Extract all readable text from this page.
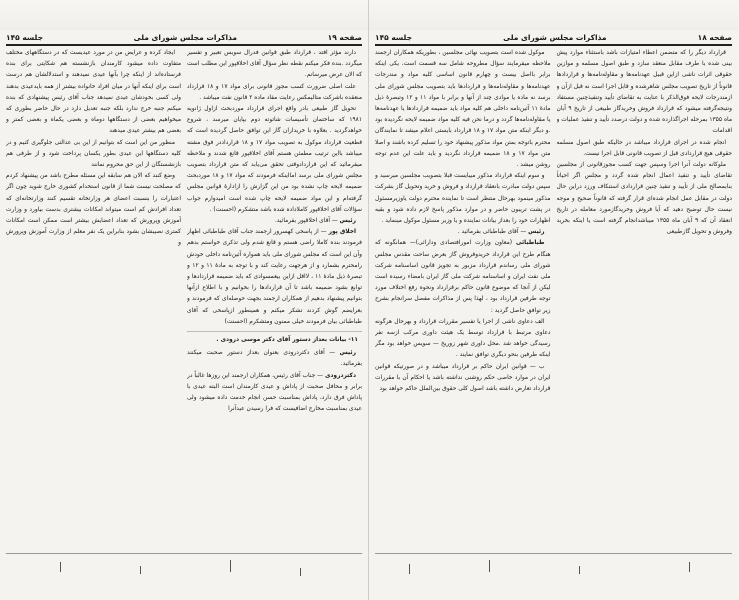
صفحه ۱۹
مذاکرات مجلس شورای ملی
جلسه ۱۴۵

دارند مؤثر افتد ، قرارداد طبق قوانین فدرال سویس تعبیر و تفسیر میگردد .بنده فکر میکنم نقطه نظر سؤال آقای اخلاقپور این مطلب است که الان عرض میرسانم.

علت اصلی ضرورت کسب مجوز قانونی برای مواد ۱۷ و ۱۸ قرارداد منعقده باشرکت متالیمکس رعایت مفاد ماده ۲ قانون نفت میباشد .

تحویل گاز طبیعی بادر واقع اجرای قرارداد موردبحث ازاول ژانویه ۱۹۸۱ که ساختمان تأسیسات شاتوته دوم بپایان میرسد ، شروع خواهدگردید . بعلاوه با خریداران گاز این توافق حاصل گردیده است که قطعیت قرارداد موکول به تصویب مواد ۱۷ و ۱۸ قرارداددر فوق مشته میباشد بااین ترتیب مطمئن هستم آقای اخلاقپور قانع شدند و ملاحظه میفرمائید که این قراردادوقتی تحقق می‌یابد که متن قرارداد بتصویب مجلس شورای ملی برسد امااینکه فرمودند که مواد ۱۷ و ۱۸ موردبحث ضمیمه لایحه چاپ نشده بود من این گزارش را ازادارهٔ قوانین مجلس گرفته‌ام و این مواد ضمیمه لایحه چاپ شده است امیدوارم جواب سؤالات آقای اخلاقپور کاملاداده شده باشد متشکرم (احسنت) .

رئیس — آقای اخلاقپور بفرمائید.

اخلاق پور — از پاسخی کهسرور ارجمند جناب آقای طباطبائی اظهار فرمودند بنده کاملا راضی هستم و قانع شدم ولی تذکری خواستم بدهم وآن این است که مجلس شورای ملی باید همواره آئین‌نامه داخلی خودش رامحترم بشمارد و از هرجهت رعایت کند و با توجه به مادهٔ ۱۱ و ۱۲ و تبصرهٔ ذیل مادهٔ ۱۱ ، لااقل ازاین بیعمسوادی که باید ضمیمه قراردادها و توابع بشود ضمیمه باشد تا آن قراردادها را بخوانیم و با اطلاع ازآنها بتوانیم پیشنهاد بدهیم از همکاران ارجمند بجهت حوصله‌ای که فرمودند و بعرایضم گوش کردند تشکر میکنم و همینطور ازپاسخی که آقای طباطبائی بیان فرمودند خیلی ممنون ومتشکرم (احسنت)

۱۱- بیانات بعداز دستور آقای دکتر موسی درودی .

رئیس — آقای دکتردرودی بعنوان بعداز دستور صحبت میکنند بفرمائید.

دکتردرودی — جناب آقای رئیس، همکاران ارجمند این روزها غالباً در برابر و محافل صحبت از پاداش و عیدی کارمندان است البته عیدی با پاداش فرق دارد، پاداش بمناسبت حسن انجام خدمت داده میشود ولی عیدی بمناسبت مخارج اضافیست که فرا رسیدن عیدآنرا

ایجاد کرده و عرایض من در مورد عیدیست که در دستگاههای مختلف متفاوت داده میشود کارمندان بازنشسته هم شکایتی برای بنده فرستاده‌اند از اینکه چرا بآنها عیدی نمیدهند و استدلالشان هم درست است برای اینکه آنها در میان افراد خانواده بیشتر از همه بایدعیدی بدهند ولی کسی بخودشان عیدی نمیدهد جناب آقای رئیس پیشنهادی که بنده میکنم جنبه خرج ندارد بلکه جنبه تعدیل دارد در حال حاضر بطوری که میخواهیم بعضی از دستگاهها دوماه و بعضی یکماه و بعضی کمتر و بعضی هم بیشتر عیدی میدهند

منظور من این است که بتوانیم از این بی عدالتی جلوگیری کنیم و در کلیه دستگاهها این عیدی بطور یکسان پرداخت شود و از طرفی هم بازنشستگان از این حق محروم نمانند

وضع کنند که الان هم سابقه این مسئله مطرح باشد من پیشنهاد کردم که مصلحت نیست شما از قانون استخدام کشوری خارج شوید چون اگر اعتبارات را بنسبت اعضای هر وزارتخانه تقسیم کنند وزارتخانه‌ای که تعداد افرادش کم است میتواند امکانات بیشتری بدست بیاورد و وزارت آموزش وپرورش که تعداد اعضایش بیشتر است ممکن است امکانات کمتری نصیبشان بشود بنابراین یک نفر معلم از وزارت آموزش وپرورش و

صفحه ۱۸
مذاکرات مجلس شورای ملی
جلسه ۱۴۵

قرارداد دیگر را که متضمن اعطاء امتیازات باشد باستثناء موارد پیش بینی شده با طرف مقابل منعقد سازد و طبق اصول مسلمه و موازین حقوقی اثرات ناشی ازاین قبیل عهدنامه‌ها و مقاوله‌نامه‌ها و قراردادها قانوناً از تاریخ تصویب مجلس شاهرشده و قابل اجرا است نه قبل ازآن و ازمندرجات لایحه فوق‌الذکر با عنایت به تقاضای تأیید وتنفیذچنین مستفاد ونتیجه‌گرفته میشود که قرارداد فروش وخریدگاز طبیعی از تاریخ ۹ آبان ماه ۱۳۵۵ بمرحله اجراگذارده شده و دولت درصدد تأیید و تنفیذ عملیات و اقدامات

انجام شده در اجرای قرارداد میباشد در حالیکه طبق اصول مسلمه حقوقی هیچ قراردادی قبل از تصویب قانونی قابل اجرا نیست.

ملوکانه دولت آنرا اجرا وسپس جهت کسب مجوزقانونی از مجلسین تقاضای تأیید و تنفیذ اعمال انجام شده گردد و مجلس اگر احیاناً بنابمصالح ملی از تأیید و تنفیذ چنین قراردادی استنکاف ورزد دراین حال دولت در مقابل عمل انجام شده‌ای قرار گرفته که قانوناً صحیح و موجه نیست حال توضیح دهید که آیا فروش وخریدگازمورد معامله در تاریخ انعقاد آن که ۹ آبان ماه ۱۳۵۵ میباشدانجام گرفته است یا اینکه بخرید وفروش و تحویل گازطبیعی

موکول شده است بتصویب نهائی مجلسین ، بطوریکه همکاران ارجمند ملاحظه میفرمایند سؤال مطروحه شامل سه قسمت است. یکی اینکه برابر بااصل بیست و چهارم قانون اساسی کلیه مواد و مندرجات عهدنامه‌ها و مقاوله‌نامه‌ها و قراردادها باید بتصویب مجلس شورای ملی برسد نه ماده یا موادی چند از آنها و برابر با مواد ۱۱ و ۱۲ وتبصرهٔ ذیل مادهٔ ۱۱ آئین‌نامه داخلی هم کلیه مواد باید ضمیمه قراردادها یا عهدنامه‌ها یا مقاوله‌نامه‌ها گردد و درما نحن فیه کلیه مواد ضمیمه لایحه نگردیده بود .و دیگر اینکه متن مواد ۱۷ و ۱۸ قرارداد بایستی اعلام میشد تا نمایندگان محترم باتوجه بمتن مواد مذکور پیشنهاد خود را تسلیم کرده باشند و اصلا متن مواد ۱۷ و ۱۸ ضمیمه قرارداد نگردید و باید علت این عدم توجه روشن میشد .

و سوم اینکه قرارداد مذکور میبایست قبلا بتصویب مجلسین میرسید و سپس دولت مبادرت بانعقاد قرارداد و فروش و خرید وتحویل گاز بشرکت مذکور مینمود بهرحال منتظر است تا نماینده محترم دولت یاوزیرمسئول در پشت تریبون حاضر و در موارد مذکور پاسخ لازم داده شود و بقیه اظهارات خود را بعداز بیانات نماینده و یا وزیر مسئول موکول مینماید .

رئیس — آقای طباطبائی بفرمائید .

طباطبائی (معاون وزارت امورافتصادی ودارائی)— همانگونه که هنگام طرح این قرارداد خریدوفروش گاز بعرض ساحت مقدس مجلس شورای ملی رساندم قرارداد مزبور به تجویز قانون اساسنامه شرکت ملی نفت ایران و اساسنامه شرکت ملی گاز ایران بامضاء رسیده است لیکن از آنجا که موضوع قانون حاکم برقرارداد ونحوه رفع اختلاف مورد توجه طرفین قرارداد بود ، لهذا پس از مذاکرات مفصل سرانجام بشرح زیر توافق حاصل گردید :

الف دعاوی ناشی از اجرا یا تفسیر مقررات قرارداد و بهرحال هرگونه دعاوی مرتبط با قرارداد توسط یک هیئت داوری مرکب ازسه نفر رسیدگی خواهد شد .محل داوری شهر زوریخ — سویس خواهد بود مگر اینکه طرفین بنحو دیگری توافق نمایند .

ب — قوانین ایران حاکم بر قرارداد میباشد و در صورتیکه قوانین ایران در موارد خاصی حکم روشنی نداشته باشد یا احکام آن با مقررات قرارداد تعارض داشته باشد اصول کلی حقوق بین‌الملل حاکم خواهد بود
